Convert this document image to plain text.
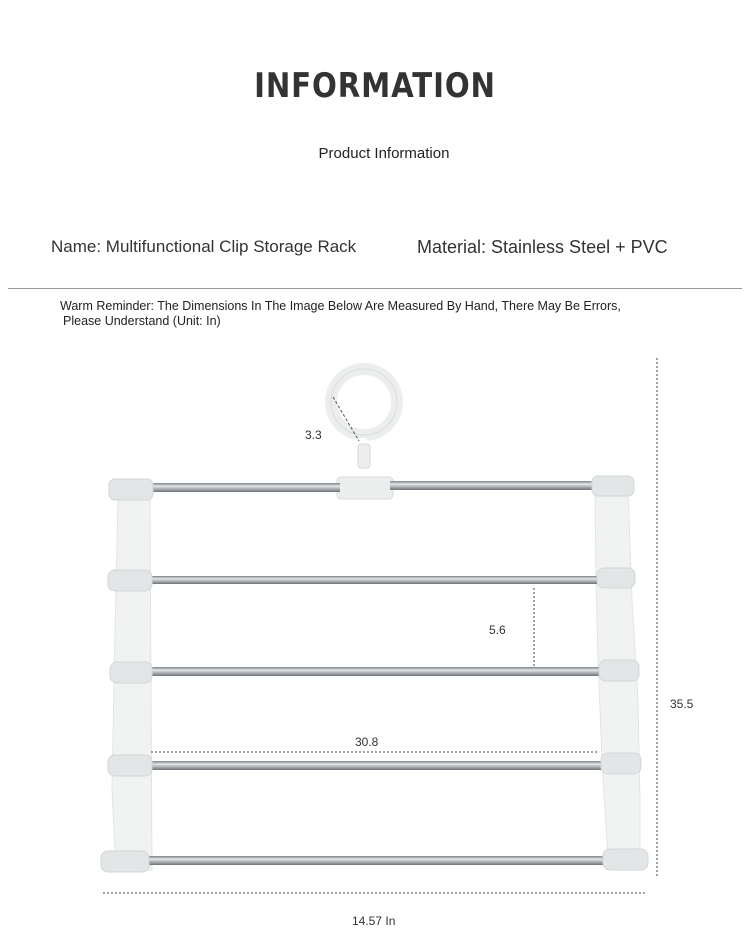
INFORMATION
Product Information
Name: Multifunctional Clip Storage Rack	Material: Stainless Steel + PVC
Warm Reminder: The Dimensions In The Image Below Are Measured By Hand, There May Be Errors,
Please Understand (Unit: In)
3.3
5.6
30.8
35.5
14.57 In
